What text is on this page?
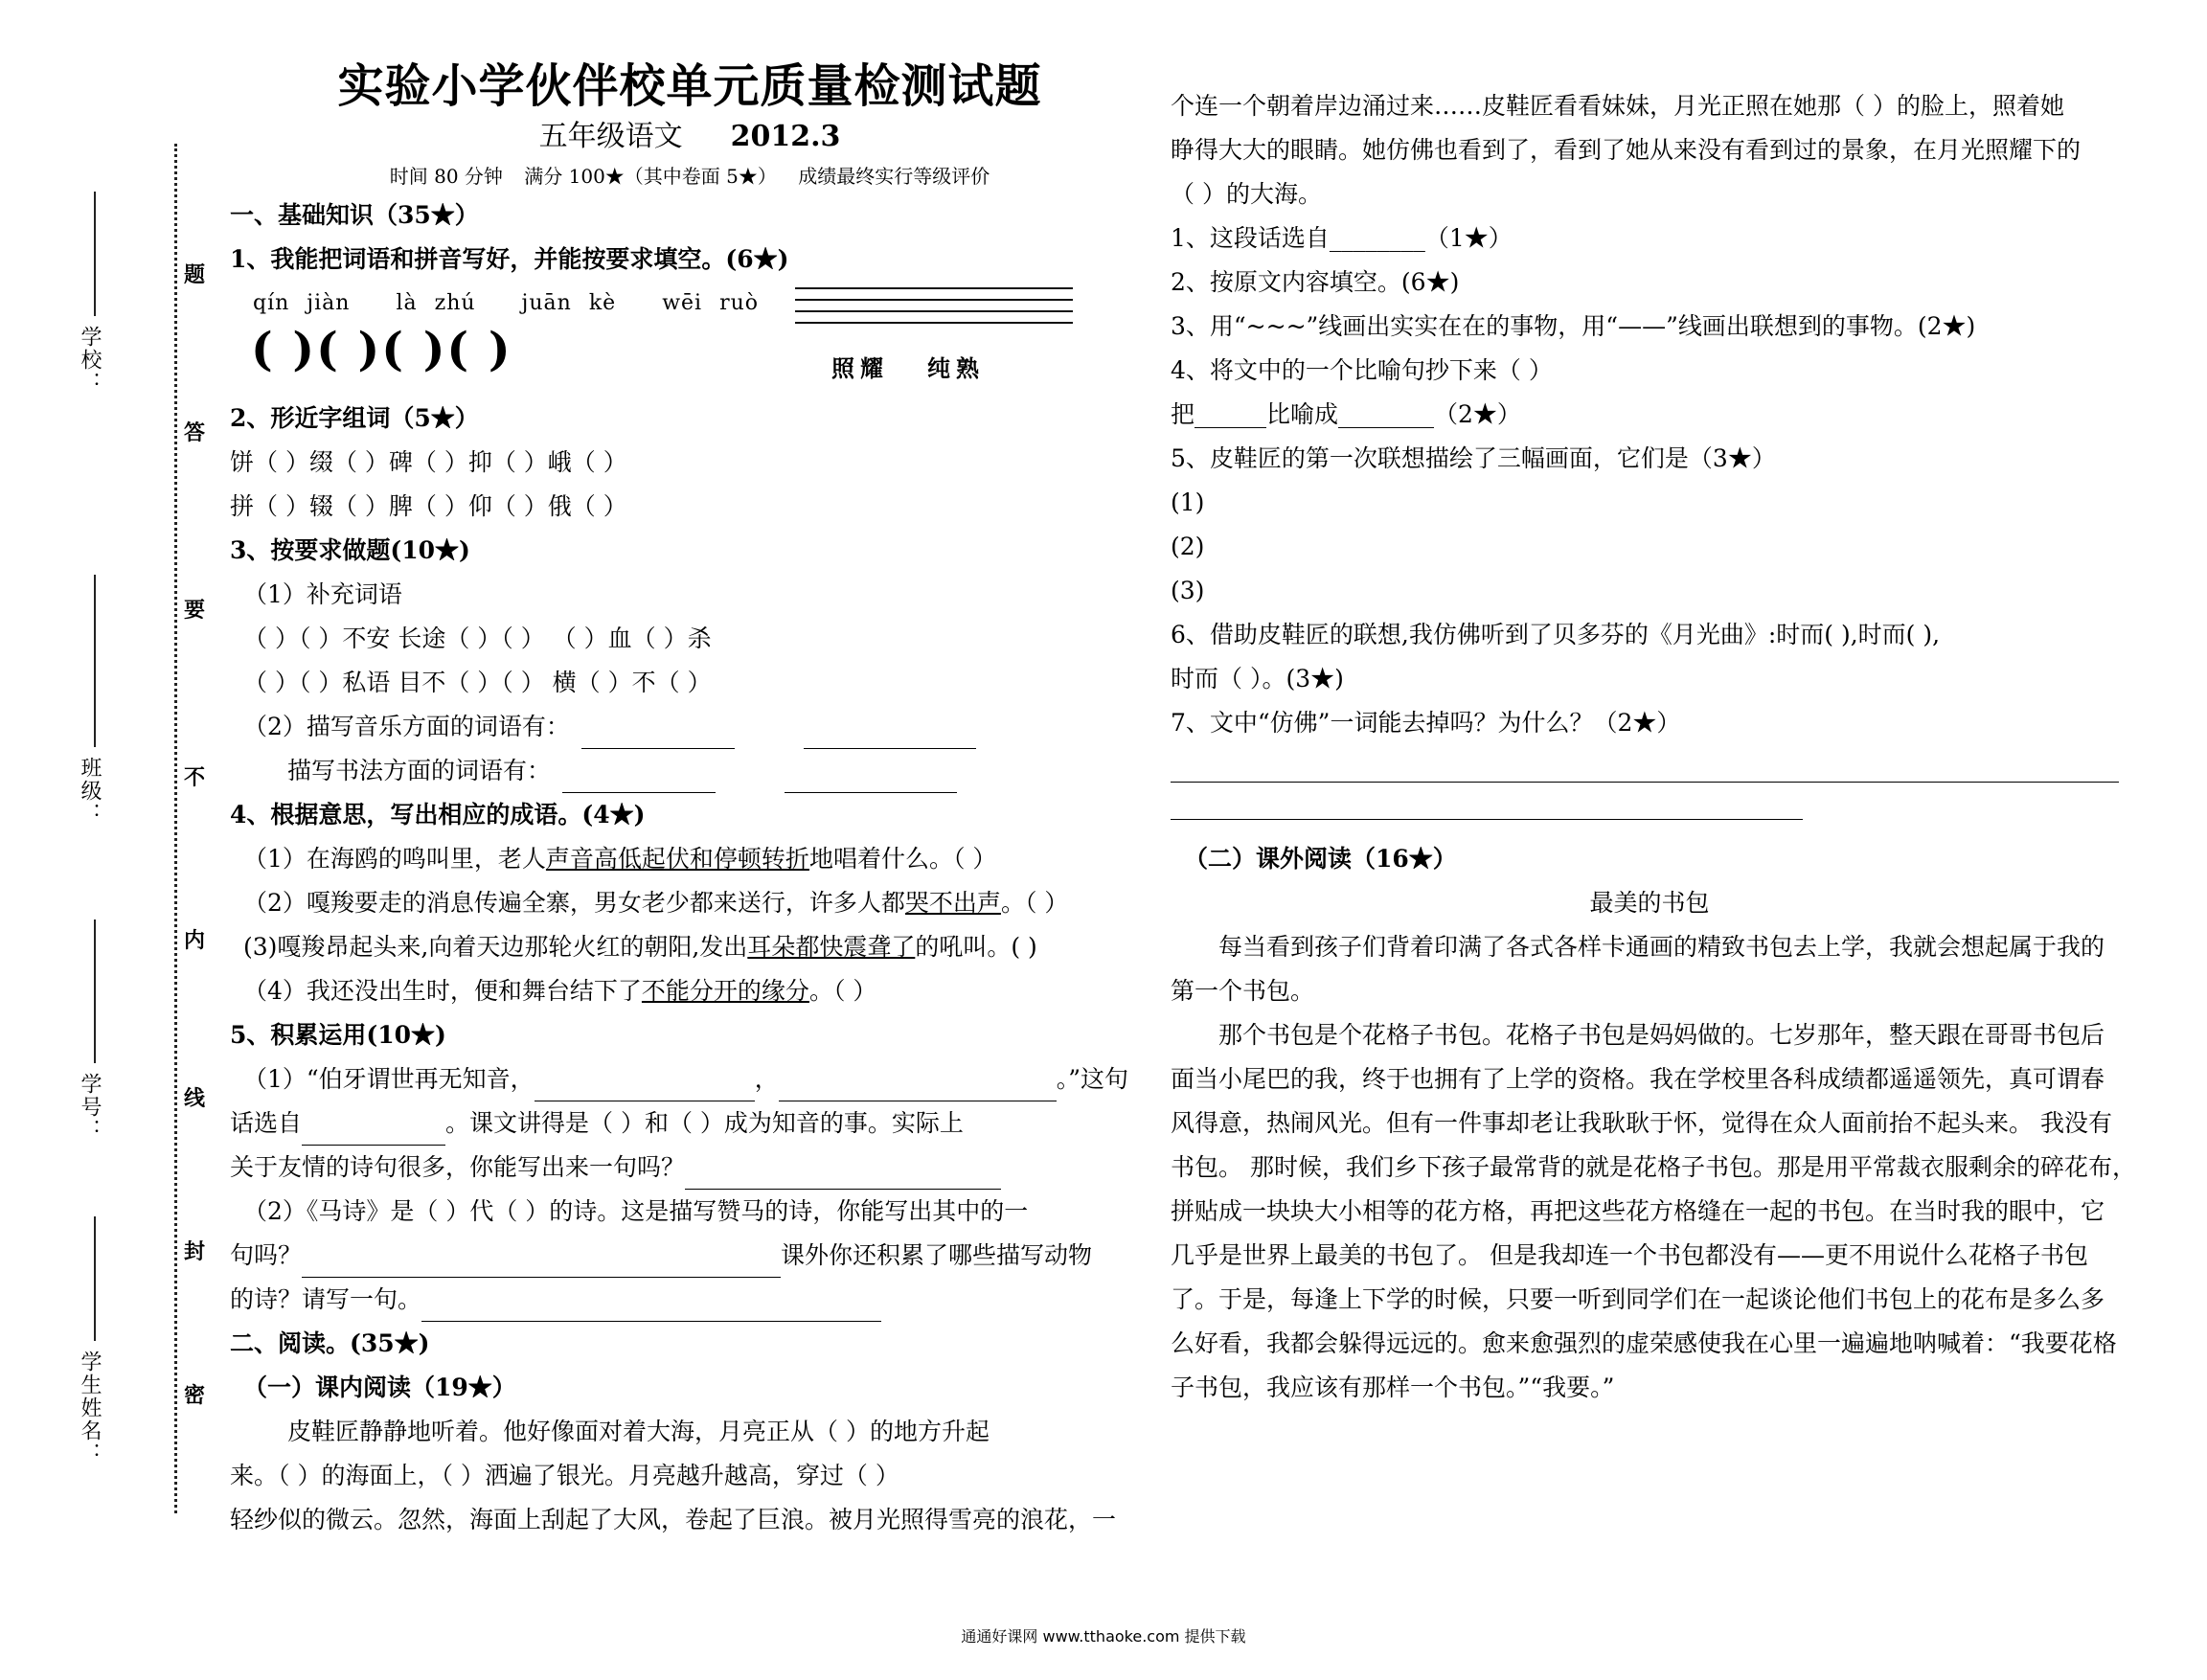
学校：
班级：
学号：
学生姓名：
题
答
要
不
内
线
封
密
实验小学伙伴校单元质量检测试题
五年级语文 2012.3
时间 80 分钟 满分 100★（其中卷面 5★） 成绩最终实行等级评价
一、基础知识（35★）
1、我能把词语和拼音写好，并能按要求填空。(6★)
qín jiàn là zhú juān kè wēi ruò
( )( )( )( )	照耀 纯熟
2、形近字组词（5★）
饼（ ）缀（ ）碑（ ）抑（ ）峨（ ）
拼（ ）辍（ ）脾（ ）仰（ ）俄（ ）
3、按要求做题(10★)
（1）补充词语
（ ）（ ）不安 长途（ ）（ ） （ ）血（ ）杀
（ ）（ ）私语 目不（ ）（ ） 横（ ）不（ ）
（2）描写音乐方面的词语有：
描写书法方面的词语有：
4、根据意思，写出相应的成语。(4★)
（1）在海鸥的鸣叫里，老人声音高低起伏和停顿转折地唱着什么。（ ）
（2）嘎羧要走的消息传遍全寨，男女老少都来送行，许多人都哭不出声。（ ）
(3)嘎羧昂起头来,向着天边那轮火红的朝阳,发出耳朵都快震聋了的吼叫。( )
（4）我还没出生时，便和舞台结下了不能分开的缘分。（ ）
5、积累运用(10★)
（1）“伯牙谓世再无知音，	，	。”这句
话选自	。课文讲得是（ ）和（ ）成为知音的事。实际上
关于友情的诗句很多，你能写出来一句吗？
（2）《马诗》是（ ）代（ ）的诗。这是描写赞马的诗，你能写出其中的一
句吗？	课外你还积累了哪些描写动物
的诗？请写一句。
二、阅读。(35★)
（一）课内阅读（19★）
皮鞋匠静静地听着。他好像面对着大海，月亮正从（ ）的地方升起
来。（ ）的海面上，（ ）洒遍了银光。月亮越升越高，穿过（ ）
轻纱似的微云。忽然，海面上刮起了大风，卷起了巨浪。被月光照得雪亮的浪花，一
个连一个朝着岸边涌过来……皮鞋匠看看妹妹，月光正照在她那（ ）的脸上，照着她
睁得大大的眼睛。她仿佛也看到了，看到了她从来没有看到过的景象，在月光照耀下的
（ ）的大海。
1、这段话选自________（1★）
2、按原文内容填空。(6★)
3、用“~~~”线画出实实在在的事物，用“——”线画出联想到的事物。(2★)
4、将文中的一个比喻句抄下来（ ）
把______比喻成________（2★）
5、皮鞋匠的第一次联想描绘了三幅画面，它们是（3★）
(1)
(2)
(3)
6、借助皮鞋匠的联想,我仿佛听到了贝多芬的《月光曲》:时而( ),时而( ),
时而（ ）。(3★)
7、文中“仿佛”一词能去掉吗？为什么？（2★）
（二）课外阅读（16★）
最美的书包
每当看到孩子们背着印满了各式各样卡通画的精致书包去上学，我就会想起属于我的
第一个书包。
那个书包是个花格子书包。花格子书包是妈妈做的。七岁那年，整天跟在哥哥书包后
面当小尾巴的我，终于也拥有了上学的资格。我在学校里各科成绩都遥遥领先，真可谓春
风得意，热闹风光。但有一件事却老让我耿耿于怀，觉得在众人面前抬不起头来。 我没有
书包。 那时候，我们乡下孩子最常背的就是花格子书包。那是用平常裁衣服剩余的碎花布，
拼贴成一块块大小相等的花方格，再把这些花方格缝在一起的书包。在当时我的眼中，它
几乎是世界上最美的书包了。 但是我却连一个书包都没有——更不用说什么花格子书包
了。于是，每逢上下学的时候，只要一听到同学们在一起谈论他们书包上的花布是多么多
么好看，我都会躲得远远的。愈来愈强烈的虚荣感使我在心里一遍遍地呐喊着：“我要花格
子书包，我应该有那样一个书包。”“我要。”
通通好课网 www.tthaoke.com 提供下载
